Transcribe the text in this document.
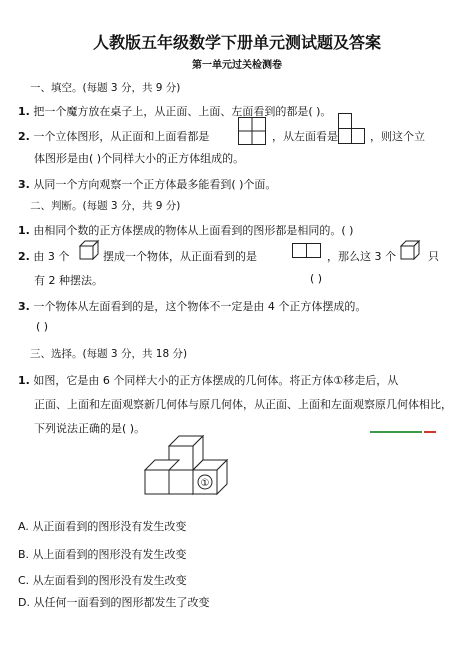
人教版五年级数学下册单元测试题及答案
第一单元过关检测卷
一、填空。(每题 3 分，共 9 分)
1. 把一个魔方放在桌子上，从正面、上面、左面看到的都是( )。
2. 一个立体图形，从正面和上面看都是	，从左面看是	，则这个立
体图形是由( )个同样大小的正方体组成的。
3. 从同一个方向观察一个正方体最多能看到( )个面。
二、判断。(每题 3 分，共 9 分)
1. 由相同个数的正方体摆成的物体从上面看到的图形都是相同的。( )
2. 由 3 个	摆成一个物体，从正面看到的是	，那么这 3 个	只
有 2 种摆法。	( )
3. 一个物体从左面看到的是，这个物体不一定是由 4 个正方体摆成的。
( )
三、选择。(每题 3 分，共 18 分)
1. 如图，它是由 6 个同样大小的正方体摆成的几何体。将正方体①移走后，从
正面、上面和左面观察新几何体与原几何体，从正面、上面和左面观察原几何体相比，
下列说法正确的是( )。
①
A. 从正面看到的图形没有发生改变
B. 从上面看到的图形没有发生改变
C. 从左面看到的图形没有发生改变
D. 从任何一面看到的图形都发生了改变
